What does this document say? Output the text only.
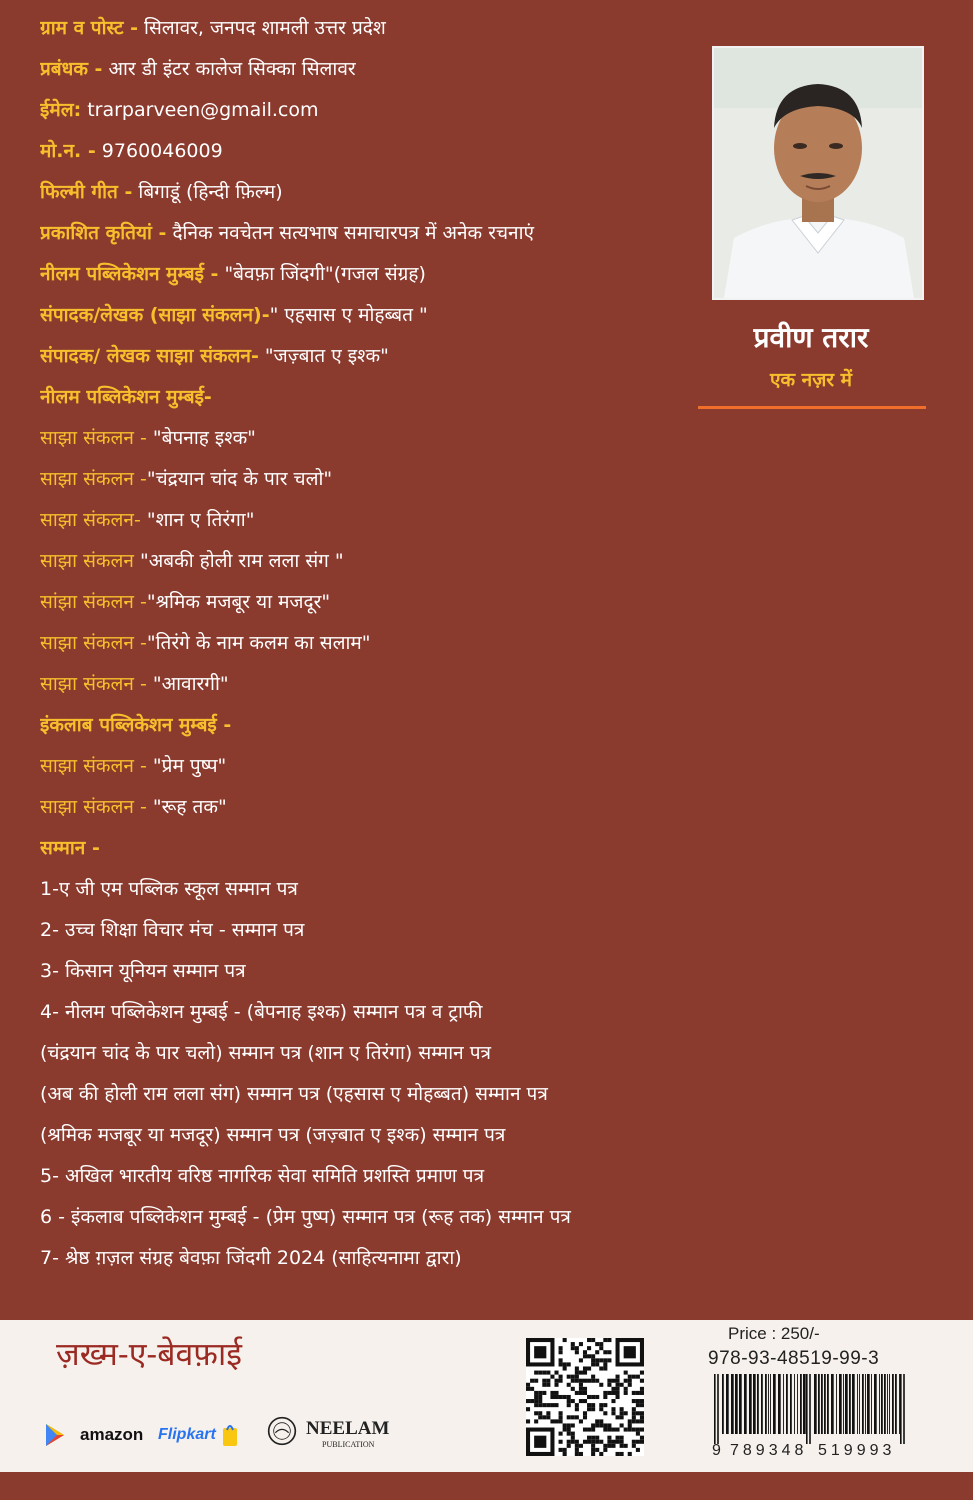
ग्राम व पोस्ट - सिलावर, जनपद शामली उत्तर प्रदेश
प्रबंधक - आर डी इंटर कालेज सिक्का सिलावर
ईमेल: trarparveen@gmail.com
मो.न. - 9760046009
फिल्मी गीत - बिगाडूं (हिन्दी फ़िल्म)
प्रकाशित कृतियां - दैनिक नवचेतन सत्यभाष समाचारपत्र में अनेक रचनाएं
नीलम पब्लिकेशन मुम्बई - "बेवफ़ा जिंदगी"(गजल संग्रह)
संपादक/लेखक (साझा संकलन)-" एहसास ए मोहब्बत "
संपादक/ लेखक साझा संकलन- "जज़्बात ए इश्क"
नीलम पब्लिकेशन मुम्बई-
साझा संकलन - "बेपनाह इश्क"
साझा संकलन -"चंद्रयान चांद के पार चलो"
साझा संकलन- "शान ए तिरंगा"
साझा संकलन "अबकी होली राम लला संग "
सांझा संकलन -"श्रमिक मजबूर या मजदूर"
साझा संकलन -"तिरंगे के नाम कलम का सलाम"
साझा संकलन - "आवारगी"
इंकलाब पब्लिकेशन मुम्बई -
साझा संकलन - "प्रेम पुष्प"
साझा संकलन - "रूह तक"
सम्मान -
1-ए जी एम पब्लिक स्कूल सम्मान पत्र
2- उच्च शिक्षा विचार मंच - सम्मान पत्र
3- किसान यूनियन सम्मान पत्र
4- नीलम पब्लिकेशन मुम्बई - (बेपनाह इश्क) सम्मान पत्र व ट्राफी
(चंद्रयान चांद के पार चलो) सम्मान पत्र (शान ए तिरंगा) सम्मान पत्र
(अब की होली राम लला संग) सम्मान पत्र (एहसास ए मोहब्बत) सम्मान पत्र
(श्रमिक मजबूर या मजदूर) सम्मान पत्र (जज़्बात ए इश्क) सम्मान पत्र
5- अखिल भारतीय वरिष्ठ नागरिक सेवा समिति प्रशस्ति प्रमाण पत्र
6 - इंकलाब पब्लिकेशन मुम्बई - (प्रेम पुष्प) सम्मान पत्र (रूह तक) सम्मान पत्र
7- श्रेष्ठ ग़ज़ल संग्रह बेवफ़ा जिंदगी 2024 (साहित्यनामा द्वारा)
प्रवीण तरार
एक नज़र में
ज़ख्म-ए-बेवफ़ाई
amazon Flipkart	NEELAM
PUBLICATION
Price : 250/-
978-93-48519-99-3
9 789348 519993
